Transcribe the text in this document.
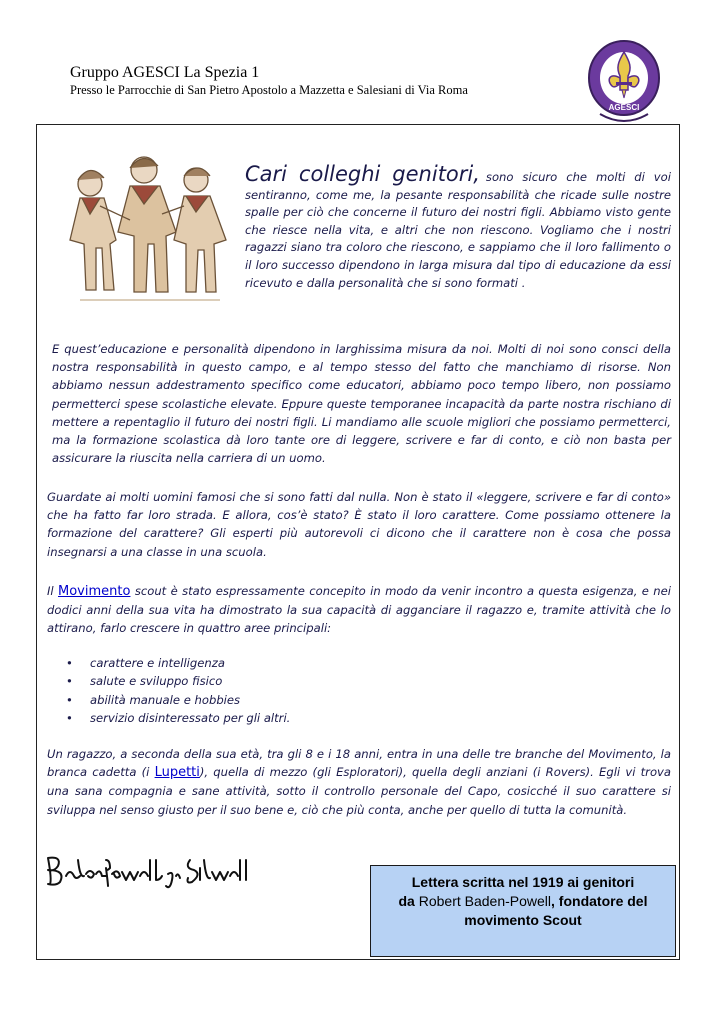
Gruppo AGESCI La Spezia 1
Presso le Parrocchie di San Pietro Apostolo a Mazzetta e Salesiani di Via Roma
AGESCI
Cari colleghi genitori, sono sicuro che molti di voi sentiranno, come me, la pesante responsabilità che ricade sulle nostre spalle per ciò che concerne il futuro dei nostri figli. Abbiamo visto gente che riesce nella vita, e altri che non riescono. Vogliamo che i nostri ragazzi siano tra coloro che riescono, e sappiamo che il loro fallimento o il loro successo dipendono in larga misura dal tipo di educazione da essi ricevuto e dalla personalità che si sono formati .
E quest’educazione e personalità dipendono in larghissima misura da noi. Molti di noi sono consci della nostra responsabilità in questo campo, e al tempo stesso del fatto che manchiamo di risorse. Non abbiamo nessun addestramento specifico come educatori, abbiamo poco tempo libero, non possiamo permetterci spese scolastiche elevate. Eppure queste temporanee incapacità da parte nostra rischiano di mettere a repentaglio il futuro dei nostri figli. Li mandiamo alle scuole migliori che possiamo permetterci, ma la formazione scolastica dà loro tante ore di leggere, scrivere e far di conto, e ciò non basta per assicurare la riuscita nella carriera di un uomo.
Guardate ai molti uomini famosi che si sono fatti dal nulla. Non è stato il «leggere, scrivere e far di conto» che ha fatto far loro strada. E allora, cos’è stato? È stato il loro carattere. Come possiamo ottenere la formazione del carattere? Gli esperti più autorevoli ci dicono che il carattere non è cosa che possa insegnarsi a una classe in una scuola.
Il Movimento scout è stato espressamente concepito in modo da venir incontro a questa esigenza, e nei dodici anni della sua vita ha dimostrato la sua capacità di agganciare il ragazzo e, tramite attività che lo attirano, farlo crescere in quattro aree principali:
• carattere e intelligenza
• salute e sviluppo fisico
• abilità manuale e hobbies
• servizio disinteressato per gli altri.
Un ragazzo, a seconda della sua età, tra gli 8 e i 18 anni, entra in una delle tre branche del Movimento, la branca cadetta (i Lupetti), quella di mezzo (gli Esploratori), quella degli anziani (i Rovers). Egli vi trova una sana compagnia e sane attività, sotto il controllo personale del Capo, cosicché il suo carattere si sviluppa nel senso giusto per il suo bene e, ciò che più conta, anche per quello di tutta la comunità.
Lettera scritta nel 1919 ai genitori
da Robert Baden-Powell, fondatore del
movimento Scout
